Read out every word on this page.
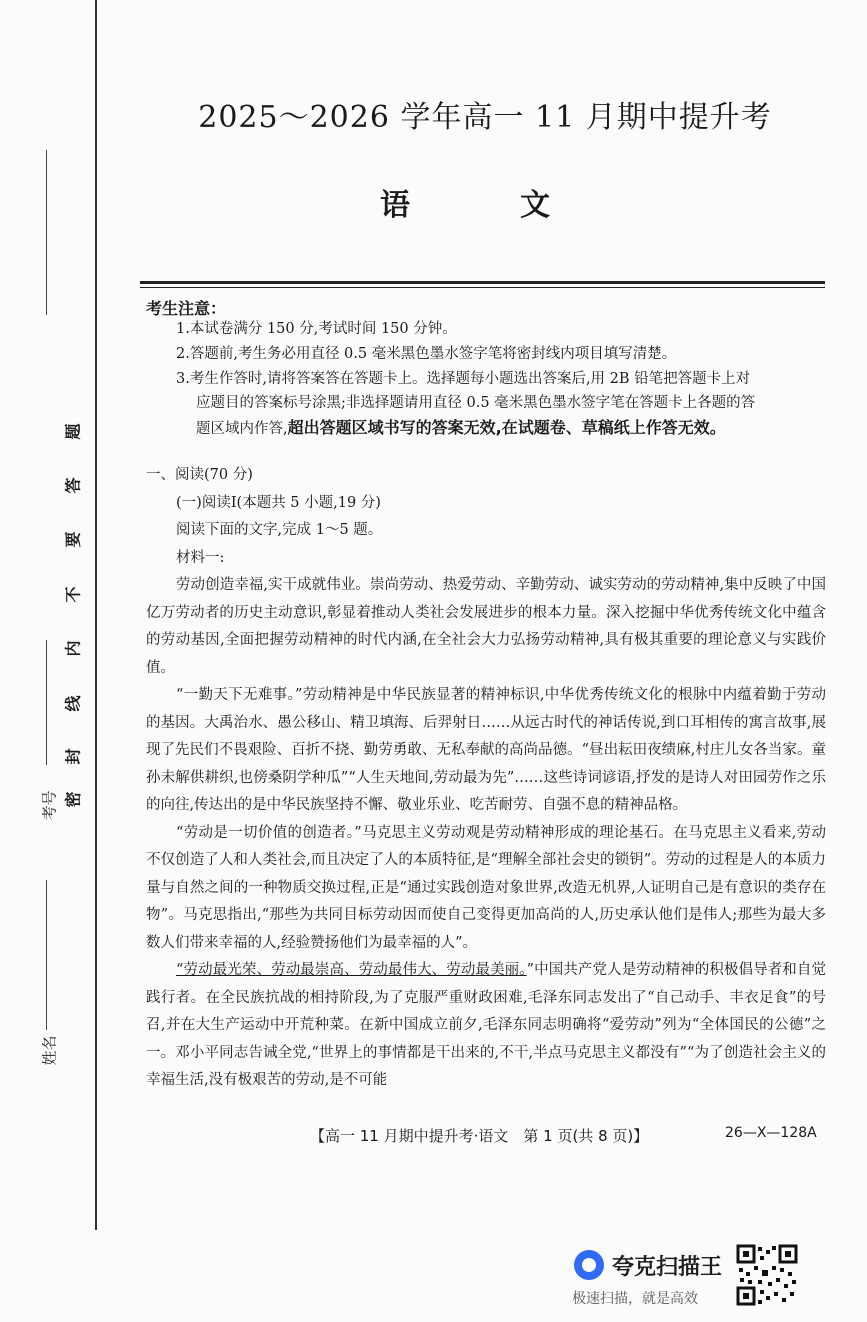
考号
姓名
密
封
线
内
不
要
答
题
2025～2026 学年高一 11 月期中提升考
语　文
考生注意：
1.本试卷满分 150 分,考试时间 150 分钟。
2.答题前,考生务必用直径 0.5 毫米黑色墨水签字笔将密封线内项目填写清楚。
3.考生作答时,请将答案答在答题卡上。选择题每小题选出答案后,用 2B 铅笔把答题卡上对
应题目的答案标号涂黑;非选择题请用直径 0.5 毫米黑色墨水签字笔在答题卡上各题的答
题区域内作答,超出答题区域书写的答案无效,在试题卷、草稿纸上作答无效。
一、阅读(70 分)
(一)阅读Ⅰ(本题共 5 小题,19 分)
阅读下面的文字,完成 1～5 题。
材料一:

劳动创造幸福,实干成就伟业。崇尚劳动、热爱劳动、辛勤劳动、诚实劳动的劳动精神,集中反映了中国亿万劳动者的历史主动意识,彰显着推动人类社会发展进步的根本力量。深入挖掘中华优秀传统文化中蕴含的劳动基因,全面把握劳动精神的时代内涵,在全社会大力弘扬劳动精神,具有极其重要的理论意义与实践价值。

“一勤天下无难事。”劳动精神是中华民族显著的精神标识,中华优秀传统文化的根脉中内蕴着勤于劳动的基因。大禹治水、愚公移山、精卫填海、后羿射日……从远古时代的神话传说,到口耳相传的寓言故事,展现了先民们不畏艰险、百折不挠、勤劳勇敢、无私奉献的高尚品德。“昼出耘田夜绩麻,村庄儿女各当家。童孙未解供耕织,也傍桑阴学种瓜”“人生天地间,劳动最为先”……这些诗词谚语,抒发的是诗人对田园劳作之乐的向往,传达出的是中华民族坚持不懈、敬业乐业、吃苦耐劳、自强不息的精神品格。

“劳动是一切价值的创造者。”马克思主义劳动观是劳动精神形成的理论基石。在马克思主义看来,劳动不仅创造了人和人类社会,而且决定了人的本质特征,是“理解全部社会史的锁钥”。劳动的过程是人的本质力量与自然之间的一种物质交换过程,正是“通过实践创造对象世界,改造无机界,人证明自己是有意识的类存在物”。马克思指出,“那些为共同目标劳动因而使自己变得更加高尚的人,历史承认他们是伟人;那些为最大多数人们带来幸福的人,经验赞扬他们为最幸福的人”。

“劳动最光荣、劳动最崇高、劳动最伟大、劳动最美丽。”中国共产党人是劳动精神的积极倡导者和自觉践行者。在全民族抗战的相持阶段,为了克服严重财政困难,毛泽东同志发出了“自己动手、丰衣足食”的号召,并在大生产运动中开荒种菜。在新中国成立前夕,毛泽东同志明确将“爱劳动”列为“全体国民的公德”之一。邓小平同志告诫全党,“世界上的事情都是干出来的,不干,半点马克思主义都没有”“为了创造社会主义的幸福生活,没有极艰苦的劳动,是不可能

【高一 11 月期中提升考·语文　第 1 页(共 8 页)】	26—X—128A
夸克扫描王
极速扫描，就是高效
